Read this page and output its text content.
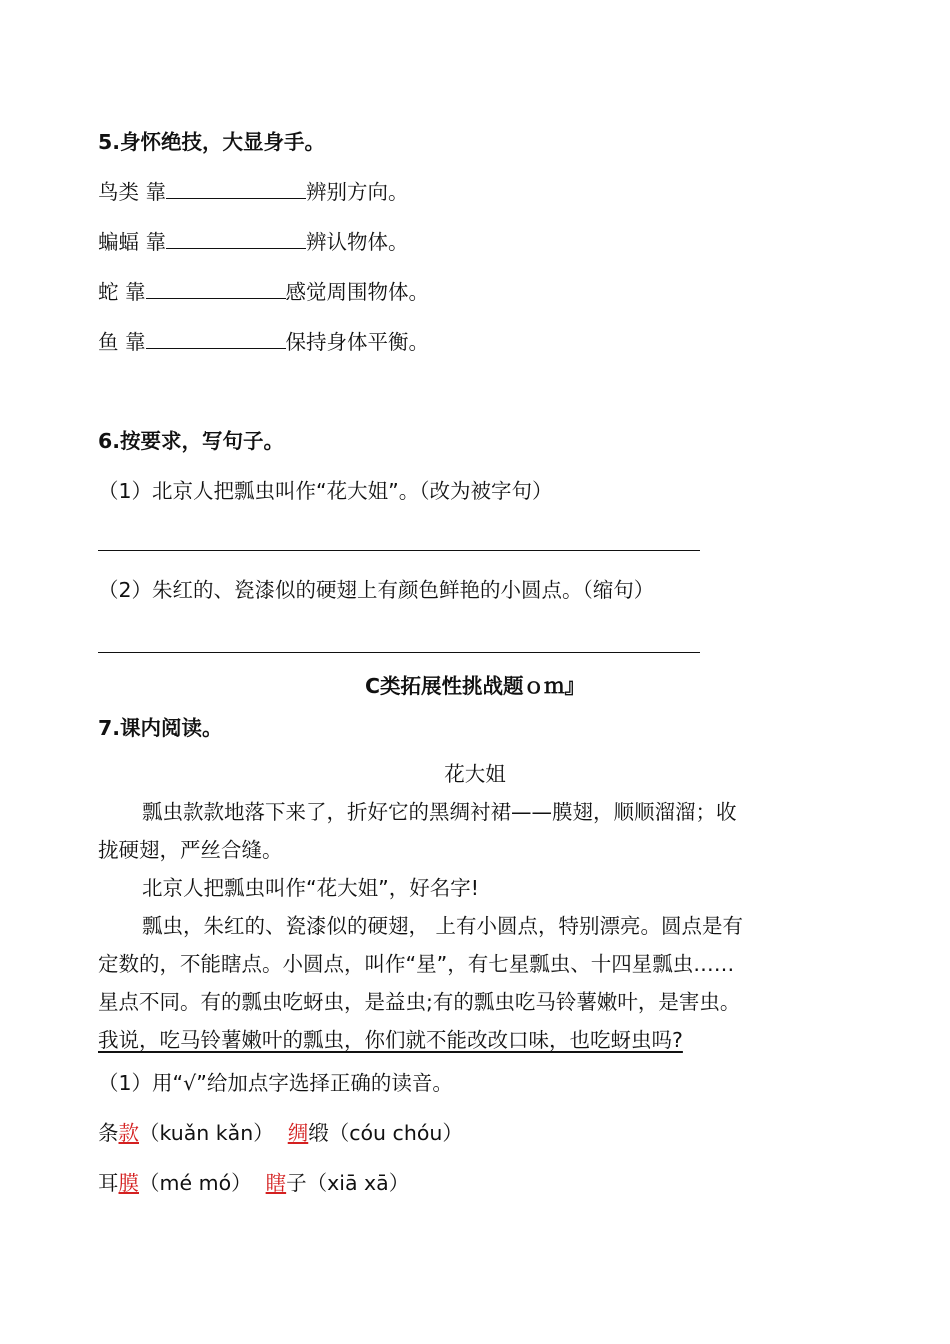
5.身怀绝技，大显身手。
鸟类 靠	辨别方向。
蝙蝠 靠	辨认物体。
蛇 靠	感觉周围物体。
鱼 靠	保持身体平衡。
6.按要求，写句子。
（1）北京人把瓢虫叫作“花大姐”。（改为被字句）
（2）朱红的、瓷漆似的硬翅上有颜色鲜艳的小圆点。（缩句）
C类拓展性挑战题ｏｍ』
7.课内阅读。
花大姐
瓢虫款款地落下来了，折好它的黑绸衬裙——膜翅，顺顺溜溜；收
拢硬翅，严丝合缝。
北京人把瓢虫叫作“花大姐”，好名字!
瓢虫，朱红的、瓷漆似的硬翅， 上有小圆点，特别漂亮。圆点是有
定数的，不能瞎点。小圆点，叫作“星”，有七星瓢虫、十四星瓢虫……
星点不同。有的瓢虫吃蚜虫，是益虫;有的瓢虫吃马铃薯嫩叶，是害虫。
我说，吃马铃薯嫩叶的瓢虫，你们就不能改改口味，也吃蚜虫吗?
（1）用“√”给加点字选择正确的读音。
条款（kuǎn kǎn） 绸缎（cóu chóu）
耳膜（mé mó） 瞎子（xiā xā）
